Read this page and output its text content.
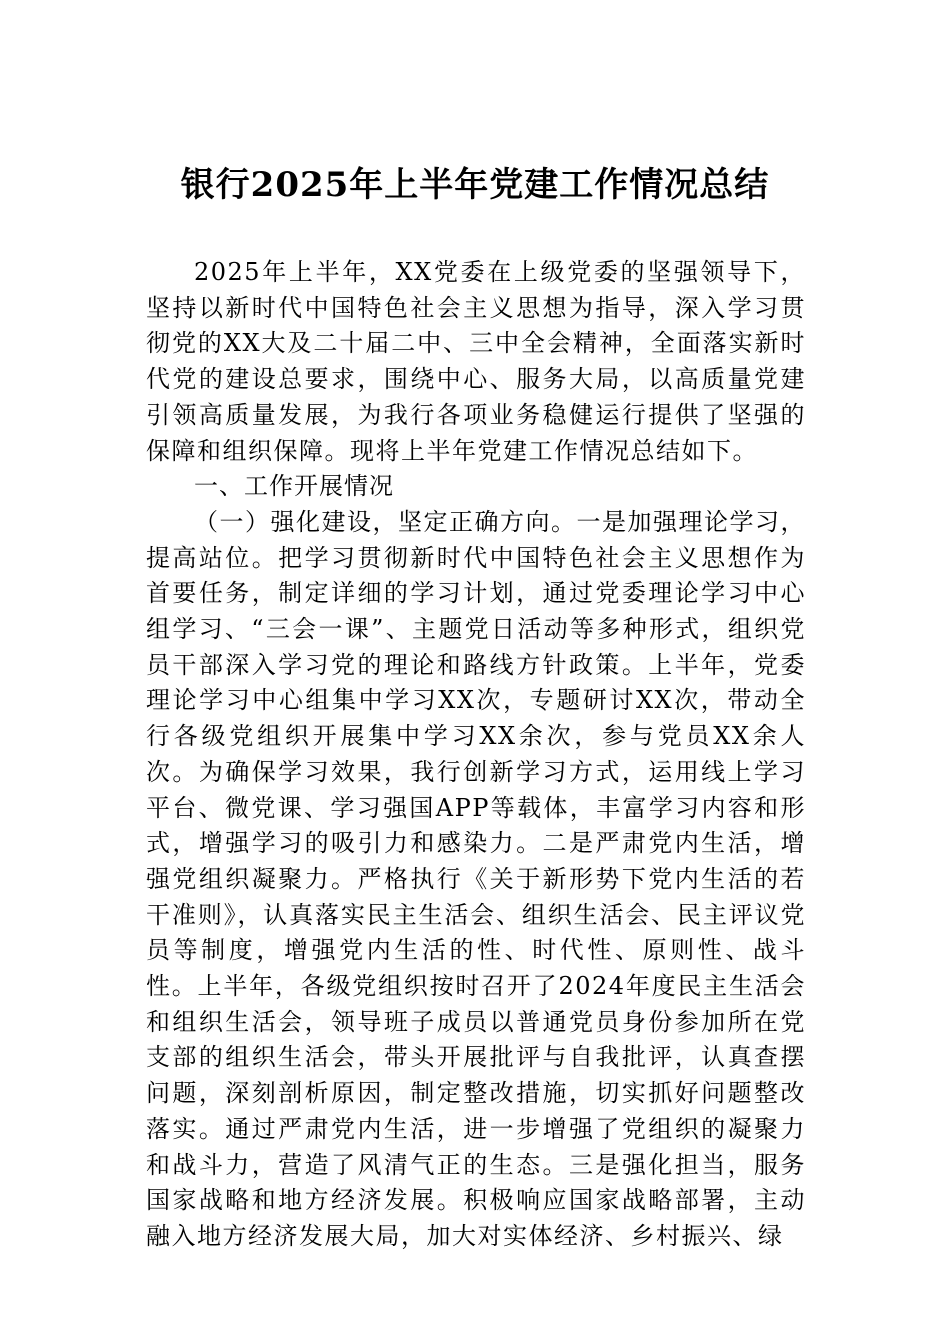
银行2025年上半年党建工作情况总结

2025年上半年，XX党委在上级党委的坚强领导下，坚持以新时代中国特色社会主义思想为指导，深入学习贯彻党的XX大及二十届二中、三中全会精神，全面落实新时代党的建设总要求，围绕中心、服务大局，以高质量党建引领高质量发展，为我行各项业务稳健运行提供了坚强的保障和组织保障。现将上半年党建工作情况总结如下。

一、工作开展情况

（一）强化建设，坚定正确方向。一是加强理论学习，提高站位。把学习贯彻新时代中国特色社会主义思想作为首要任务，制定详细的学习计划，通过党委理论学习中心组学习、“三会一课”、主题党日活动等多种形式，组织党员干部深入学习党的理论和路线方针政策。上半年，党委理论学习中心组集中学习XX次，专题研讨XX次，带动全行各级党组织开展集中学习XX余次，参与党员XX余人次。为确保学习效果，我行创新学习方式，运用线上学习平台、微党课、学习强国APP等载体，丰富学习内容和形式，增强学习的吸引力和感染力。二是严肃党内生活，增强党组织凝聚力。严格执行《关于新形势下党内生活的若干准则》，认真落实民主生活会、组织生活会、民主评议党员等制度，增强党内生活的性、时代性、原则性、战斗性。上半年，各级党组织按时召开了2024年度民主生活会和组织生活会，领导班子成员以普通党员身份参加所在党支部的组织生活会，带头开展批评与自我批评，认真查摆问题，深刻剖析原因，制定整改措施，切实抓好问题整改落实。通过严肃党内生活，进一步增强了党组织的凝聚力和战斗力，营造了风清气正的生态。三是强化担当，服务国家战略和地方经济发展。积极响应国家战略部署，主动融入地方经济发展大局，加大对实体经济、乡村振兴、绿
